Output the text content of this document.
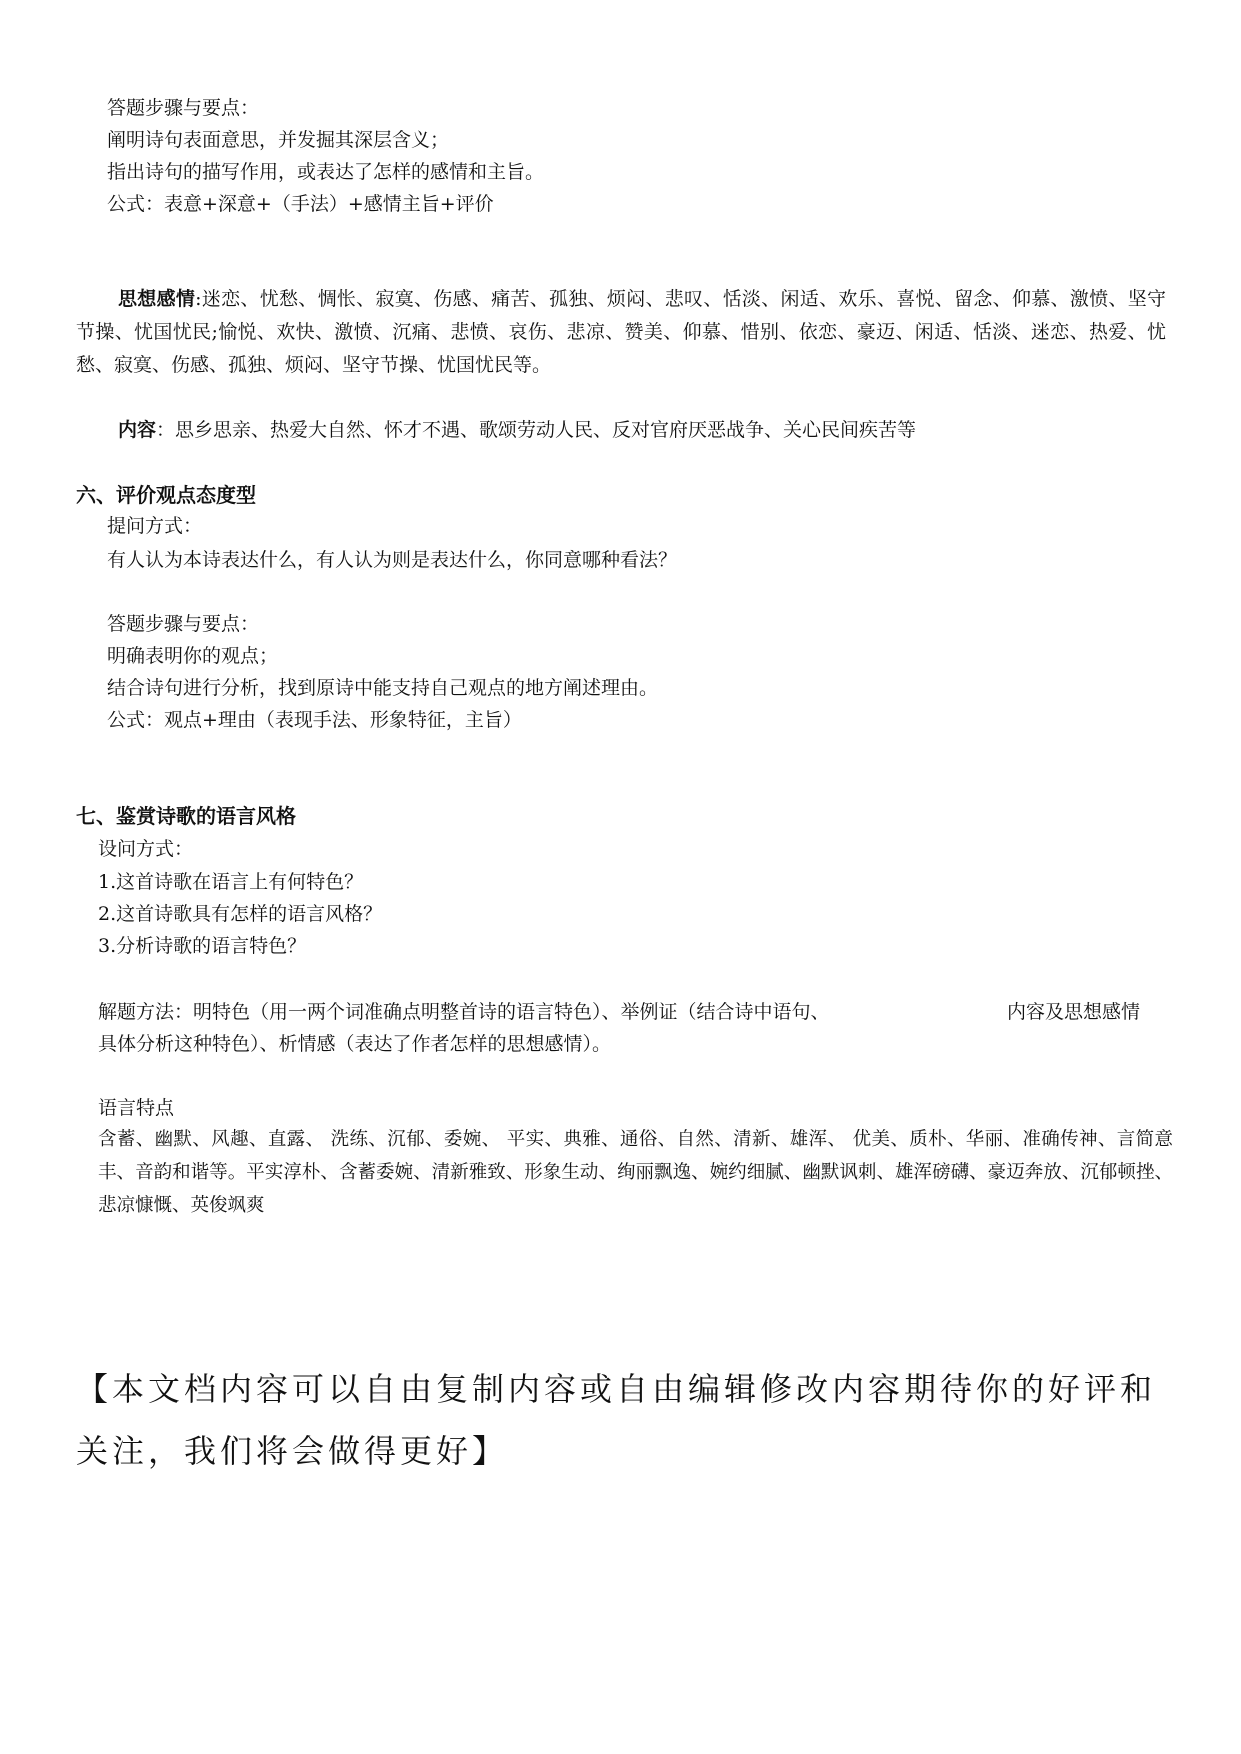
答题步骤与要点：
阐明诗句表面意思，并发掘其深层含义；
指出诗句的描写作用，或表达了怎样的感情和主旨。
公式：表意+深意+（手法）+感情主旨+评价
思想感情:迷恋、忧愁、惆怅、寂寞、伤感、痛苦、孤独、烦闷、悲叹、恬淡、闲适、欢乐、喜悦、留念、仰慕、激愤、坚守节操、忧国忧民;愉悦、欢快、激愤、沉痛、悲愤、哀伤、悲凉、赞美、仰慕、惜别、依恋、豪迈、闲适、恬淡、迷恋、热爱、忧愁、寂寞、伤感、孤独、烦闷、坚守节操、忧国忧民等。
内容：思乡思亲、热爱大自然、怀才不遇、歌颂劳动人民、反对官府厌恶战争、关心民间疾苦等
六、评价观点态度型
提问方式：
有人认为本诗表达什么，有人认为则是表达什么，你同意哪种看法？
答题步骤与要点：
明确表明你的观点；
结合诗句进行分析，找到原诗中能支持自己观点的地方阐述理由。
公式：观点+理由（表现手法、形象特征，主旨）
七、鉴赏诗歌的语言风格
设问方式：
1.这首诗歌在语言上有何特色？
2.这首诗歌具有怎样的语言风格？
3.分析诗歌的语言特色？
解题方法：明特色（用一两个词准确点明整首诗的语言特色）、举例证（结合诗中语句、	内容及思想感情
具体分析这种特色）、析情感（表达了作者怎样的思想感情）。
语言特点
含蓄、幽默、风趣、直露、 洗练、沉郁、委婉、 平实、典雅、通俗、自然、清新、雄浑、 优美、质朴、华丽、准确传神、言简意丰、音韵和谐等。平实淳朴、含蓄委婉、清新雅致、形象生动、绚丽飘逸、婉约细腻、幽默讽刺、雄浑磅礴、豪迈奔放、沉郁顿挫、悲凉慷慨、英俊飒爽
【本文档内容可以自由复制内容或自由编辑修改内容期待你的好评和关注，我们将会做得更好】
